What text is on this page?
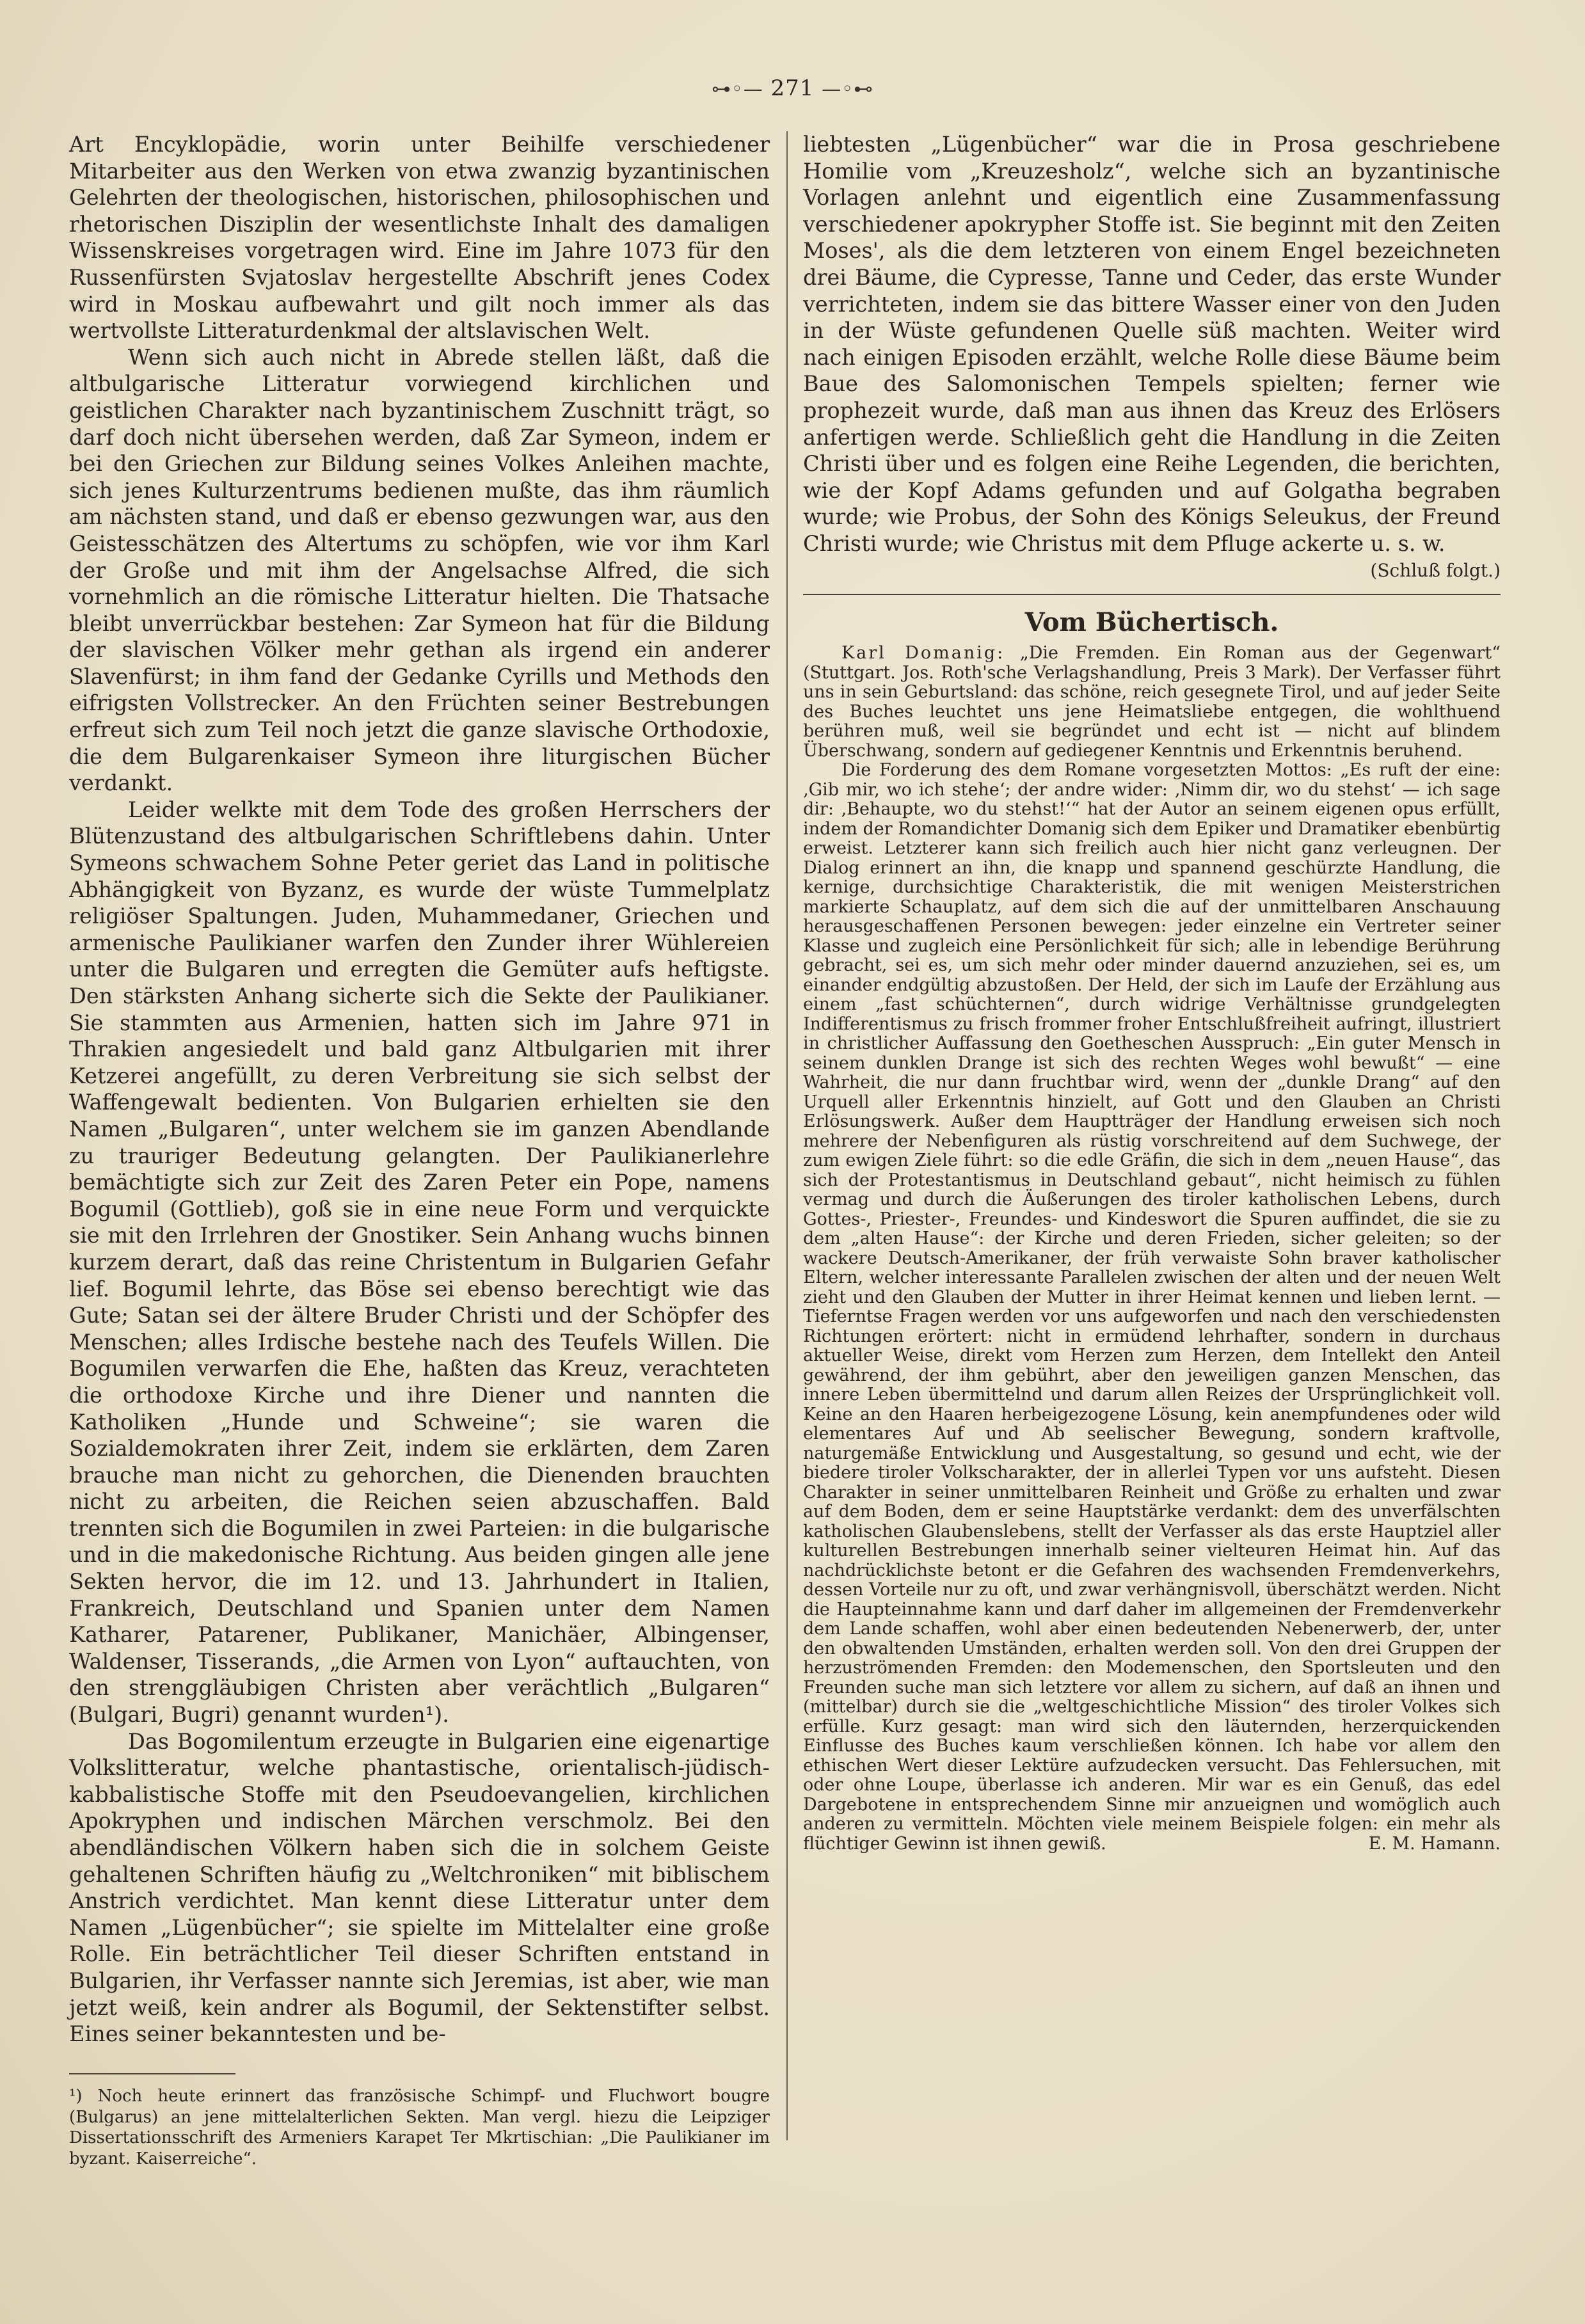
⊶◦— 271 —◦⊷

Art Encyklopädie, worin unter Beihilfe verschiedener Mitarbeiter aus den Werken von etwa zwanzig byzantinischen Gelehrten der theologischen, historischen, philosophischen und rhetorischen Disziplin der wesentlichste Inhalt des damaligen Wissenskreises vorgetragen wird. Eine im Jahre 1073 für den Russenfürsten Svjatoslav hergestellte Abschrift jenes Codex wird in Moskau aufbewahrt und gilt noch immer als das wertvollste Litteraturdenkmal der altslavischen Welt.

Wenn sich auch nicht in Abrede stellen läßt, daß die altbulgarische Litteratur vorwiegend kirchlichen und geistlichen Charakter nach byzantinischem Zuschnitt trägt, so darf doch nicht übersehen werden, daß Zar Symeon, indem er bei den Griechen zur Bildung seines Volkes Anleihen machte, sich jenes Kulturzentrums bedienen mußte, das ihm räumlich am nächsten stand, und daß er ebenso gezwungen war, aus den Geistesschätzen des Altertums zu schöpfen, wie vor ihm Karl der Große und mit ihm der Angelsachse Alfred, die sich vornehmlich an die römische Litteratur hielten. Die Thatsache bleibt unverrückbar bestehen: Zar Symeon hat für die Bildung der slavischen Völker mehr gethan als irgend ein anderer Slavenfürst; in ihm fand der Gedanke Cyrills und Methods den eifrigsten Vollstrecker. An den Früchten seiner Bestrebungen erfreut sich zum Teil noch jetzt die ganze slavische Orthodoxie, die dem Bulgarenkaiser Symeon ihre liturgischen Bücher verdankt.

Leider welkte mit dem Tode des großen Herrschers der Blütenzustand des altbulgarischen Schriftlebens dahin. Unter Symeons schwachem Sohne Peter geriet das Land in politische Abhängigkeit von Byzanz, es wurde der wüste Tummelplatz religiöser Spaltungen. Juden, Muhammedaner, Griechen und armenische Paulikianer warfen den Zunder ihrer Wühlereien unter die Bulgaren und erregten die Gemüter aufs heftigste. Den stärksten Anhang sicherte sich die Sekte der Paulikianer. Sie stammten aus Armenien, hatten sich im Jahre 971 in Thrakien angesiedelt und bald ganz Altbulgarien mit ihrer Ketzerei angefüllt, zu deren Verbreitung sie sich selbst der Waffengewalt bedienten. Von Bulgarien erhielten sie den Namen „Bulgaren“, unter welchem sie im ganzen Abendlande zu trauriger Bedeutung gelangten. Der Paulikianerlehre bemächtigte sich zur Zeit des Zaren Peter ein Pope, namens Bogumil (Gottlieb), goß sie in eine neue Form und verquickte sie mit den Irrlehren der Gnostiker. Sein Anhang wuchs binnen kurzem derart, daß das reine Christentum in Bulgarien Gefahr lief. Bogumil lehrte, das Böse sei ebenso berechtigt wie das Gute; Satan sei der ältere Bruder Christi und der Schöpfer des Menschen; alles Irdische bestehe nach des Teufels Willen. Die Bogumilen verwarfen die Ehe, haßten das Kreuz, verachteten die orthodoxe Kirche und ihre Diener und nannten die Katholiken „Hunde und Schweine“; sie waren die Sozialdemokraten ihrer Zeit, indem sie erklärten, dem Zaren brauche man nicht zu gehorchen, die Dienenden brauchten nicht zu arbeiten, die Reichen seien abzuschaffen. Bald trennten sich die Bogumilen in zwei Parteien: in die bulgarische und in die makedonische Richtung. Aus beiden gingen alle jene Sekten hervor, die im 12. und 13. Jahrhundert in Italien, Frankreich, Deutschland und Spanien unter dem Namen Katharer, Patarener, Publikaner, Manichäer, Albingenser, Waldenser, Tisserands, „die Armen von Lyon“ auftauchten, von den strenggläubigen Christen aber verächtlich „Bulgaren“ (Bulgari, Bugri) genannt wurden¹).

Das Bogomilentum erzeugte in Bulgarien eine eigenartige Volkslitteratur, welche phantastische, orientalisch-jüdisch-kabbalistische Stoffe mit den Pseudoevangelien, kirchlichen Apokryphen und indischen Märchen verschmolz. Bei den abendländischen Völkern haben sich die in solchem Geiste gehaltenen Schriften häufig zu „Weltchroniken“ mit biblischem Anstrich verdichtet. Man kennt diese Litteratur unter dem Namen „Lügenbücher“; sie spielte im Mittelalter eine große Rolle. Ein beträchtlicher Teil dieser Schriften entstand in Bulgarien, ihr Verfasser nannte sich Jeremias, ist aber, wie man jetzt weiß, kein andrer als Bogumil, der Sektenstifter selbst. Eines seiner bekanntesten und be-

¹) Noch heute erinnert das französische Schimpf- und Fluchwort bougre (Bulgarus) an jene mittelalterlichen Sekten. Man vergl. hiezu die Leipziger Dissertationsschrift des Armeniers Karapet Ter Mkrtischian: „Die Paulikianer im byzant. Kaiserreiche“.

liebtesten „Lügenbücher“ war die in Prosa geschriebene Homilie vom „Kreuzesholz“, welche sich an byzantinische Vorlagen anlehnt und eigentlich eine Zusammenfassung verschiedener apokrypher Stoffe ist. Sie beginnt mit den Zeiten Moses', als die dem letzteren von einem Engel bezeichneten drei Bäume, die Cypresse, Tanne und Ceder, das erste Wunder verrichteten, indem sie das bittere Wasser einer von den Juden in der Wüste gefundenen Quelle süß machten. Weiter wird nach einigen Episoden erzählt, welche Rolle diese Bäume beim Baue des Salomonischen Tempels spielten; ferner wie prophezeit wurde, daß man aus ihnen das Kreuz des Erlösers anfertigen werde. Schließlich geht die Handlung in die Zeiten Christi über und es folgen eine Reihe Legenden, die berichten, wie der Kopf Adams gefunden und auf Golgatha begraben wurde; wie Probus, der Sohn des Königs Seleukus, der Freund Christi wurde; wie Christus mit dem Pfluge ackerte u. s. w.
(Schluß folgt.)

Vom Büchertisch.

Karl Domanig: „Die Fremden. Ein Roman aus der Gegenwart“ (Stuttgart. Jos. Roth'sche Verlagshandlung, Preis 3 Mark). Der Verfasser führt uns in sein Geburtsland: das schöne, reich gesegnete Tirol, und auf jeder Seite des Buches leuchtet uns jene Heimatsliebe entgegen, die wohlthuend berühren muß, weil sie begründet und echt ist — nicht auf blindem Überschwang, sondern auf gediegener Kenntnis und Erkenntnis beruhend.

Die Forderung des dem Romane vorgesetzten Mottos: „Es ruft der eine: ‚Gib mir, wo ich stehe‘; der andre wider: ‚Nimm dir, wo du stehst‘ — ich sage dir: ‚Behaupte, wo du stehst!‘“ hat der Autor an seinem eigenen opus erfüllt, indem der Romandichter Domanig sich dem Epiker und Dramatiker ebenbürtig erweist. Letzterer kann sich freilich auch hier nicht ganz verleugnen. Der Dialog erinnert an ihn, die knapp und spannend geschürzte Handlung, die kernige, durchsichtige Charakteristik, die mit wenigen Meisterstrichen markierte Schauplatz, auf dem sich die auf der unmittelbaren Anschauung herausgeschaffenen Personen bewegen: jeder einzelne ein Vertreter seiner Klasse und zugleich eine Persönlichkeit für sich; alle in lebendige Berührung gebracht, sei es, um sich mehr oder minder dauernd anzuziehen, sei es, um einander endgültig abzustoßen. Der Held, der sich im Laufe der Erzählung aus einem „fast schüchternen“, durch widrige Verhältnisse grundgelegten Indifferentismus zu frisch frommer froher Entschlußfreiheit aufringt, illustriert in christlicher Auffassung den Goetheschen Ausspruch: „Ein guter Mensch in seinem dunklen Drange ist sich des rechten Weges wohl bewußt“ — eine Wahrheit, die nur dann fruchtbar wird, wenn der „dunkle Drang“ auf den Urquell aller Erkenntnis hinzielt, auf Gott und den Glauben an Christi Erlösungswerk. Außer dem Hauptträger der Handlung erweisen sich noch mehrere der Nebenfiguren als rüstig vorschreitend auf dem Suchwege, der zum ewigen Ziele führt: so die edle Gräfin, die sich in dem „neuen Hause“, das sich der Protestantismus in Deutschland gebaut“, nicht heimisch zu fühlen vermag und durch die Äußerungen des tiroler katholischen Lebens, durch Gottes-, Priester-, Freundes- und Kindeswort die Spuren auffindet, die sie zu dem „alten Hause“: der Kirche und deren Frieden, sicher geleiten; so der wackere Deutsch-Amerikaner, der früh verwaiste Sohn braver katholischer Eltern, welcher interessante Parallelen zwischen der alten und der neuen Welt zieht und den Glauben der Mutter in ihrer Heimat kennen und lieben lernt. — Tieferntse Fragen werden vor uns aufgeworfen und nach den verschiedensten Richtungen erörtert: nicht in ermüdend lehrhafter, sondern in durchaus aktueller Weise, direkt vom Herzen zum Herzen, dem Intellekt den Anteil gewährend, der ihm gebührt, aber den jeweiligen ganzen Menschen, das innere Leben übermittelnd und darum allen Reizes der Ursprünglichkeit voll. Keine an den Haaren herbeigezogene Lösung, kein anempfundenes oder wild elementares Auf und Ab seelischer Bewegung, sondern kraftvolle, naturgemäße Entwicklung und Ausgestaltung, so gesund und echt, wie der biedere tiroler Volkscharakter, der in allerlei Typen vor uns aufsteht. Diesen Charakter in seiner unmittelbaren Reinheit und Größe zu erhalten und zwar auf dem Boden, dem er seine Hauptstärke verdankt: dem des unverfälschten katholischen Glaubenslebens, stellt der Verfasser als das erste Hauptziel aller kulturellen Bestrebungen innerhalb seiner vielteuren Heimat hin. Auf das nachdrücklichste betont er die Gefahren des wachsenden Fremdenverkehrs, dessen Vorteile nur zu oft, und zwar verhängnisvoll, überschätzt werden. Nicht die Haupteinnahme kann und darf daher im allgemeinen der Fremdenverkehr dem Lande schaffen, wohl aber einen bedeutenden Nebenerwerb, der, unter den obwaltenden Umständen, erhalten werden soll. Von den drei Gruppen der herzuströmenden Fremden: den Modemenschen, den Sportsleuten und den Freunden suche man sich letztere vor allem zu sichern, auf daß an ihnen und (mittelbar) durch sie die „weltgeschichtliche Mission“ des tiroler Volkes sich erfülle. Kurz gesagt: man wird sich den läuternden, herzerquickenden Einflusse des Buches kaum verschließen können. Ich habe vor allem den ethischen Wert dieser Lektüre aufzudecken versucht. Das Fehlersuchen, mit oder ohne Loupe, überlasse ich anderen. Mir war es ein Genuß, das edel Dargebotene in entsprechendem Sinne mir anzueignen und womöglich auch anderen zu vermitteln. Möchten viele meinem Beispiele folgen: ein mehr als flüchtiger Gewinn ist ihnen gewiß.	E. M. Hamann.
